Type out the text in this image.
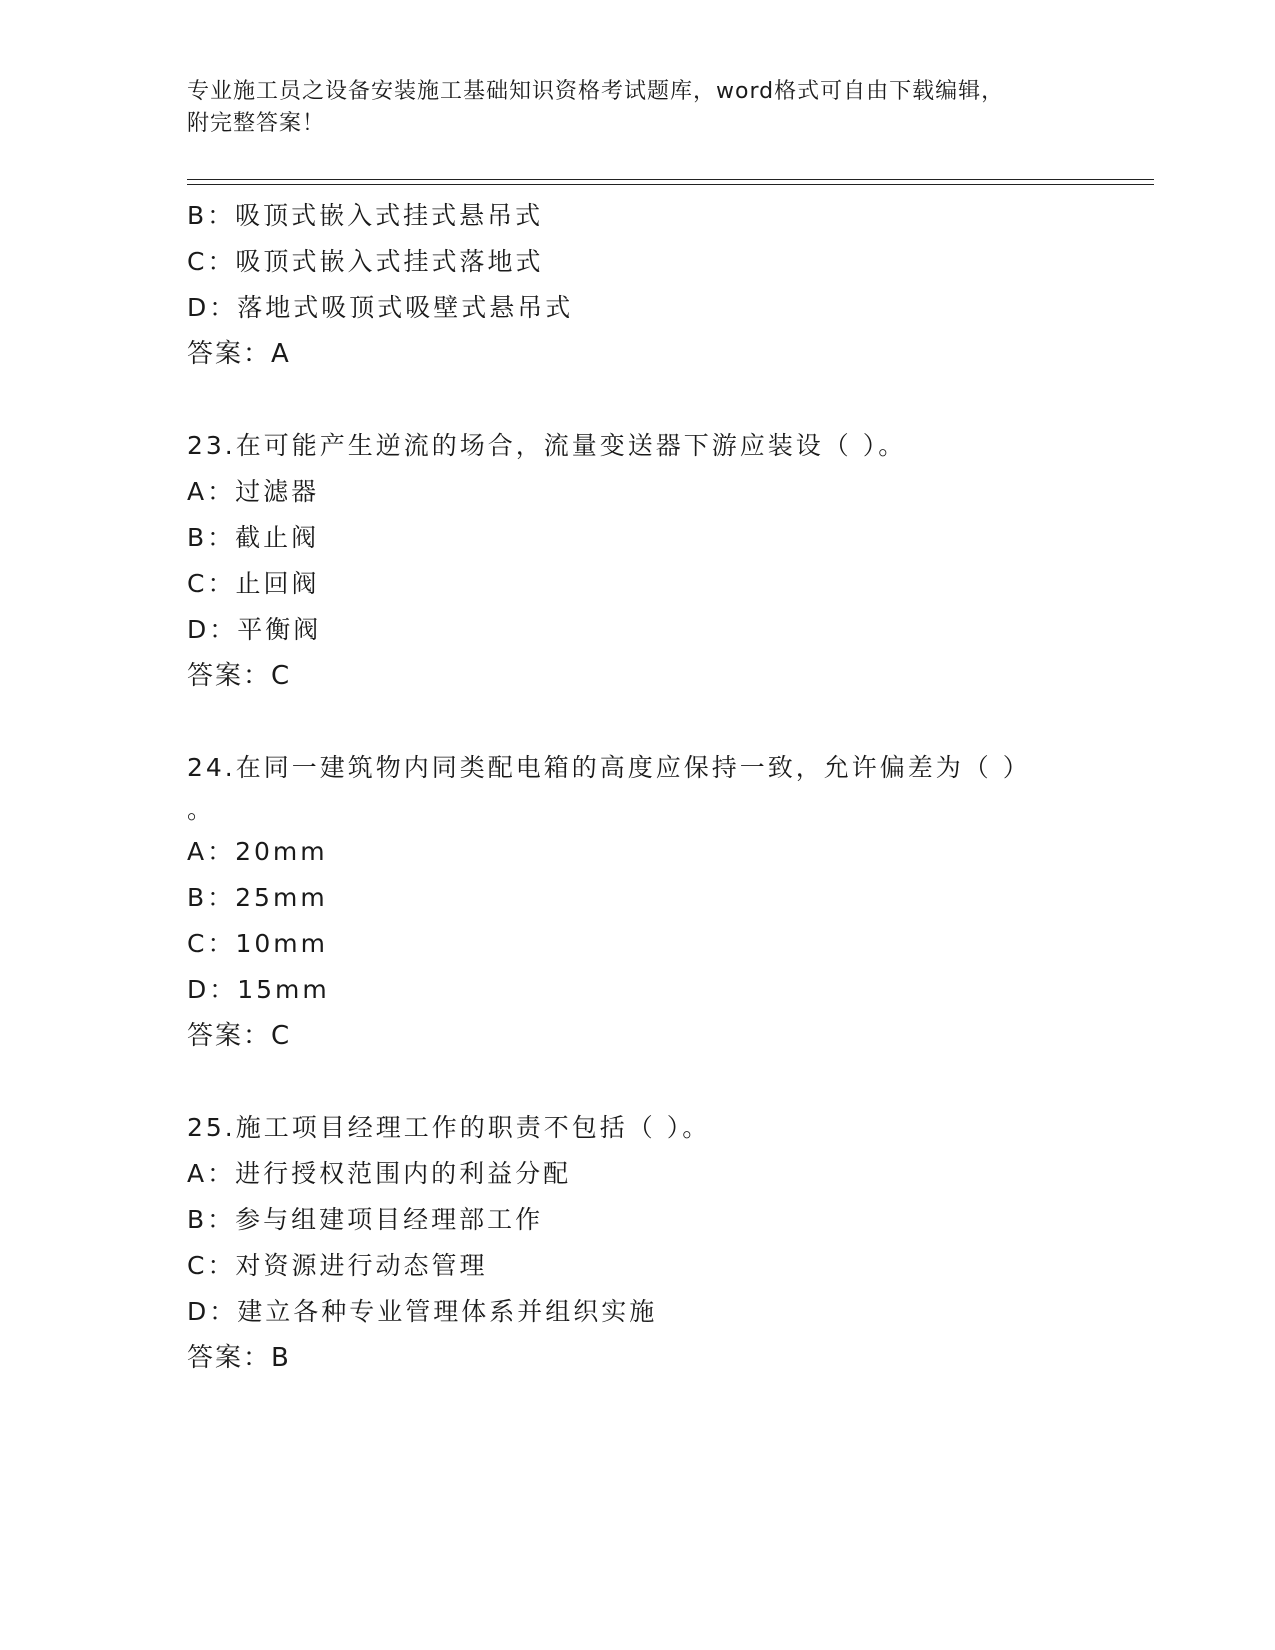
专业施工员之设备安装施工基础知识资格考试题库，word格式可自由下载编辑，
附完整答案！
B：吸顶式嵌入式挂式悬吊式
C：吸顶式嵌入式挂式落地式
D：落地式吸顶式吸壁式悬吊式
答案：A
23.在可能产生逆流的场合，流量变送器下游应装设（ ）。
A：过滤器
B：截止阀
C：止回阀
D：平衡阀
答案：C
24.在同一建筑物内同类配电箱的高度应保持一致，允许偏差为（ ）
。
A：20mm
B：25mm
C：10mm
D：15mm
答案：C
25.施工项目经理工作的职责不包括（ ）。
A：进行授权范围内的利益分配
B：参与组建项目经理部工作
C：对资源进行动态管理
D：建立各种专业管理体系并组织实施
答案：B
